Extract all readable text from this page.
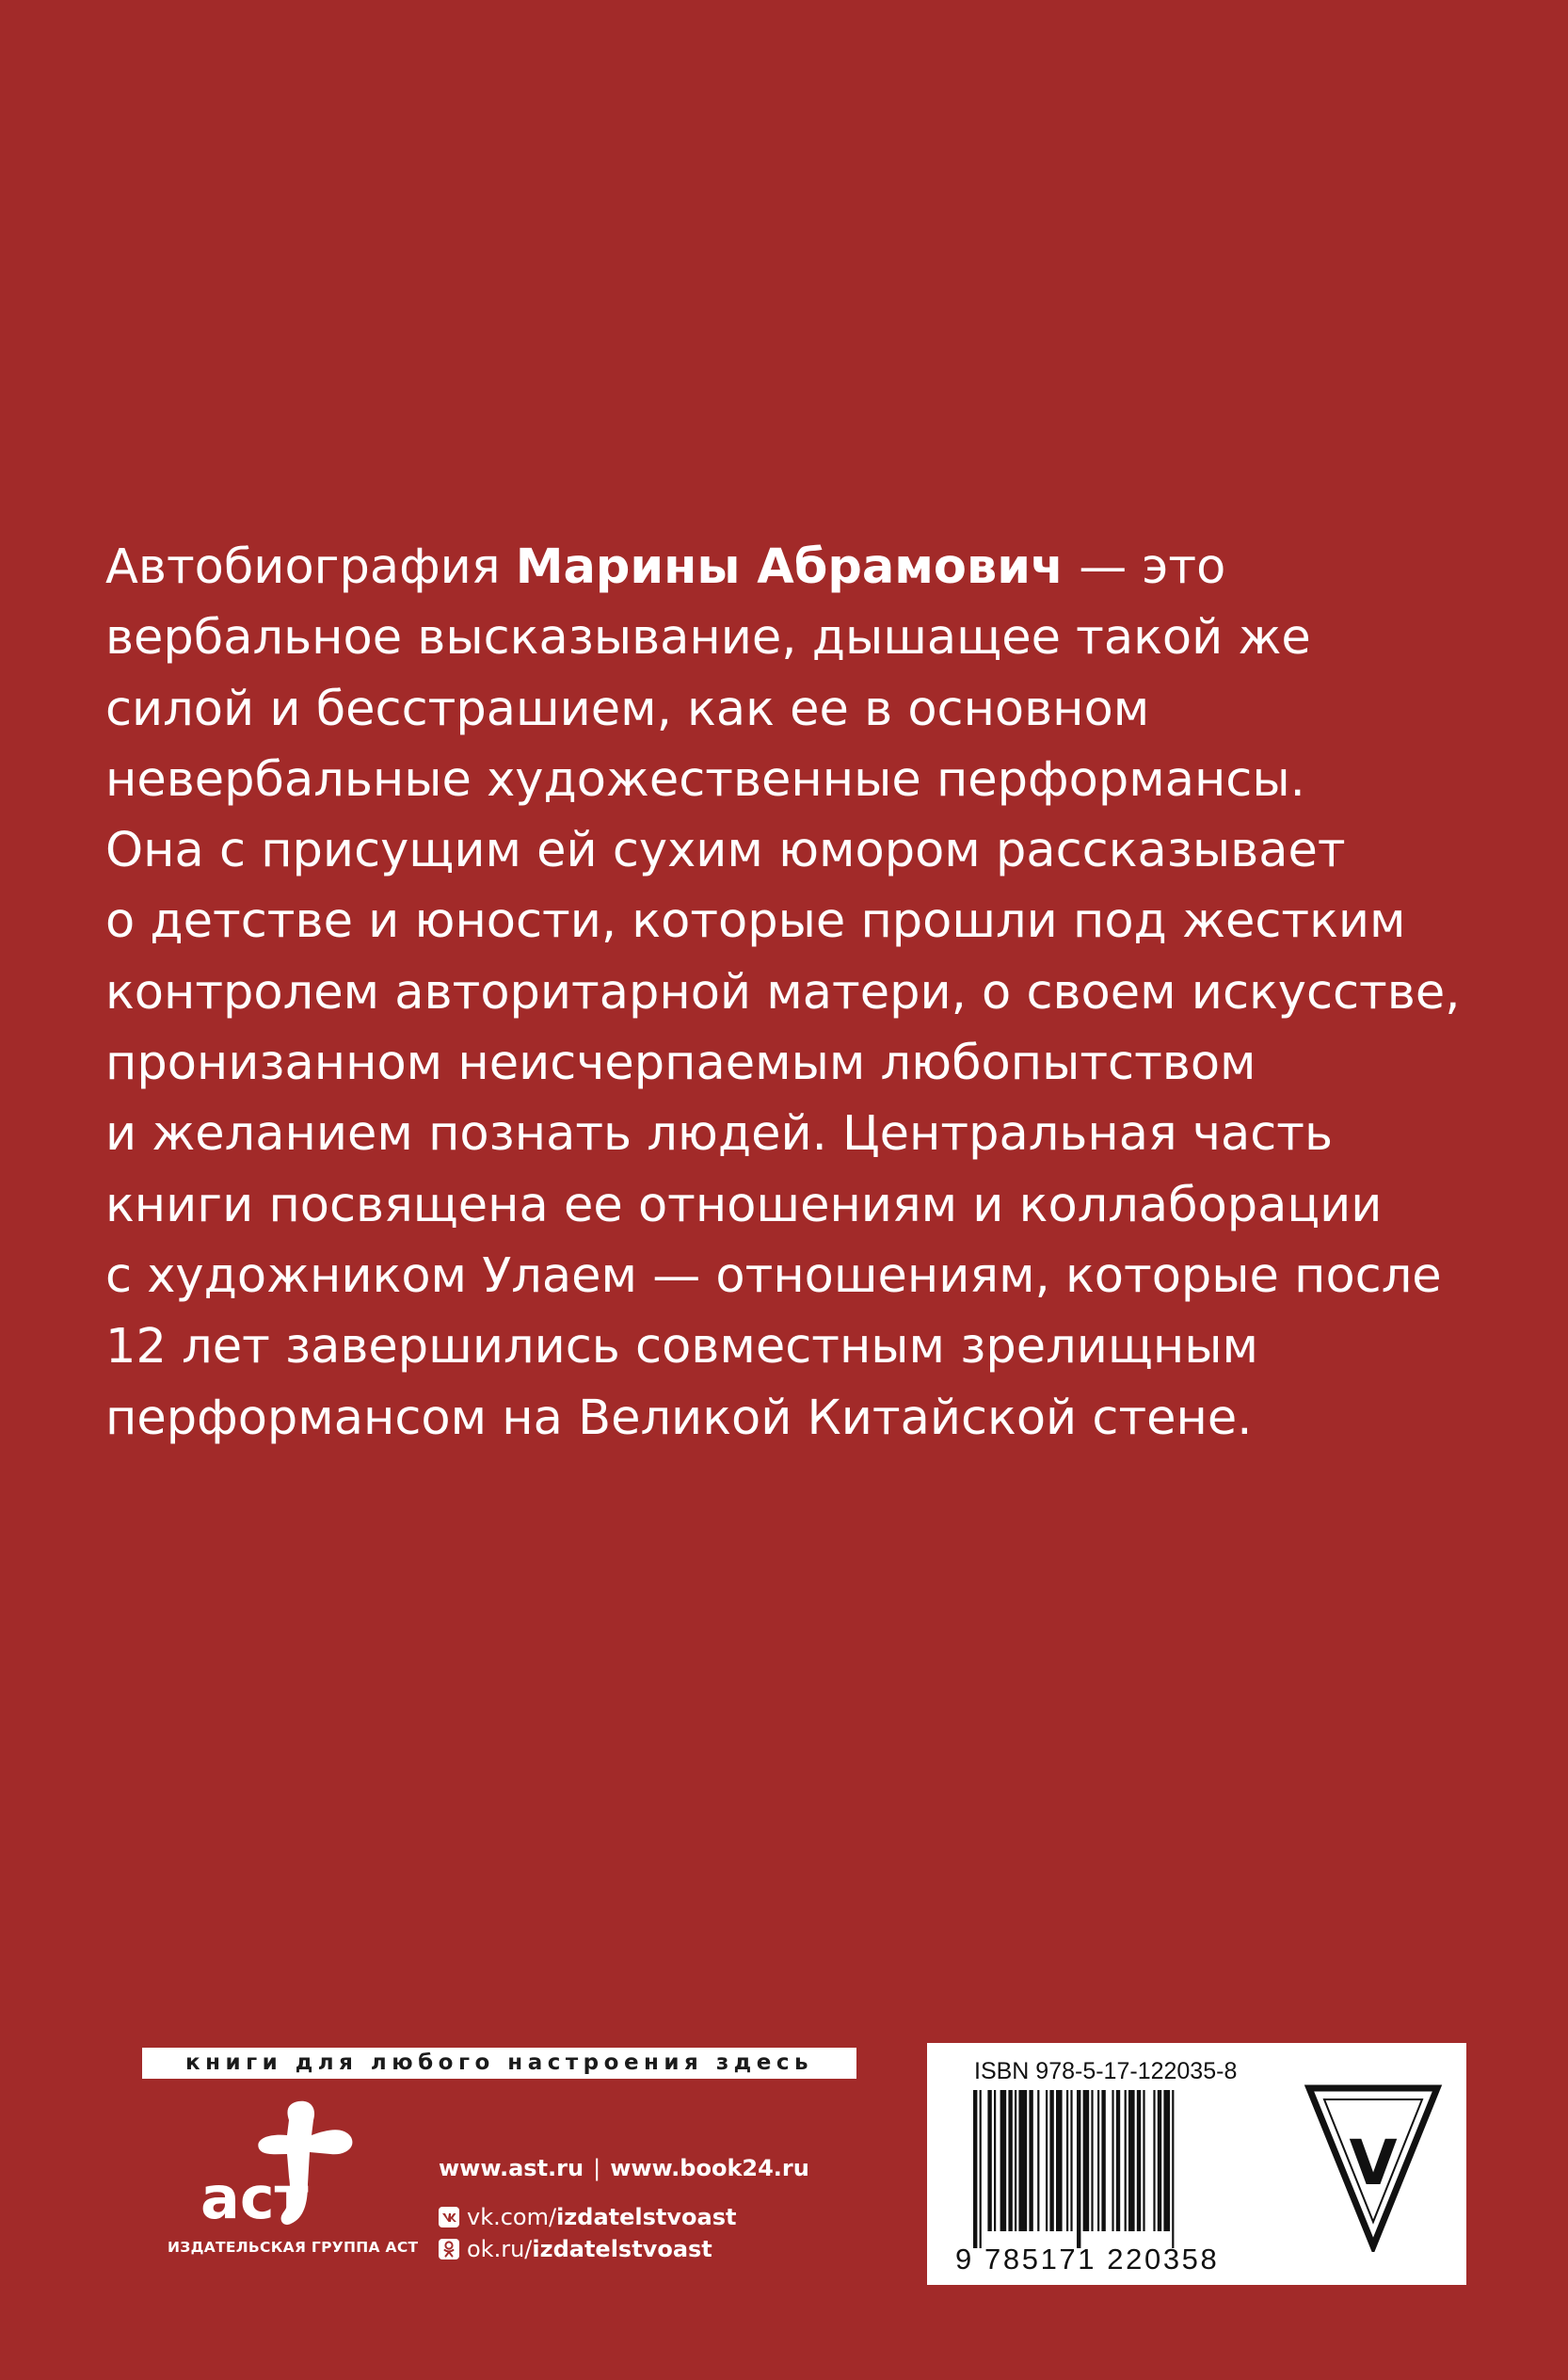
Автобиография Марины Абрамович — это
вербальное высказывание, дышащее такой же
силой и бесстрашием, как ее в основном
невербальные художественные перформансы.
Она с присущим ей сухим юмором рассказывает
о детстве и юности, которые прошли под жестким
контролем авторитарной матери, о своем искусстве,
пронизанном неисчерпаемым любопытством
и желанием познать людей. Центральная часть
книги посвящена ее отношениям и коллаборации
с художником Улаем — отношениям, которые после
12 лет завершились совместным зрелищным
перформансом на Великой Китайской стене.
книги для любого настроения здесь
аст
ИЗДАТЕЛЬСКАЯ ГРУППА АСТ
www.ast.ru | www.book24.ru
vk.com/ izdatelstvoast
ok.ru/ izdatelstvoast
ISBN 978-5-17-122035-8
9 785171 220358
V
